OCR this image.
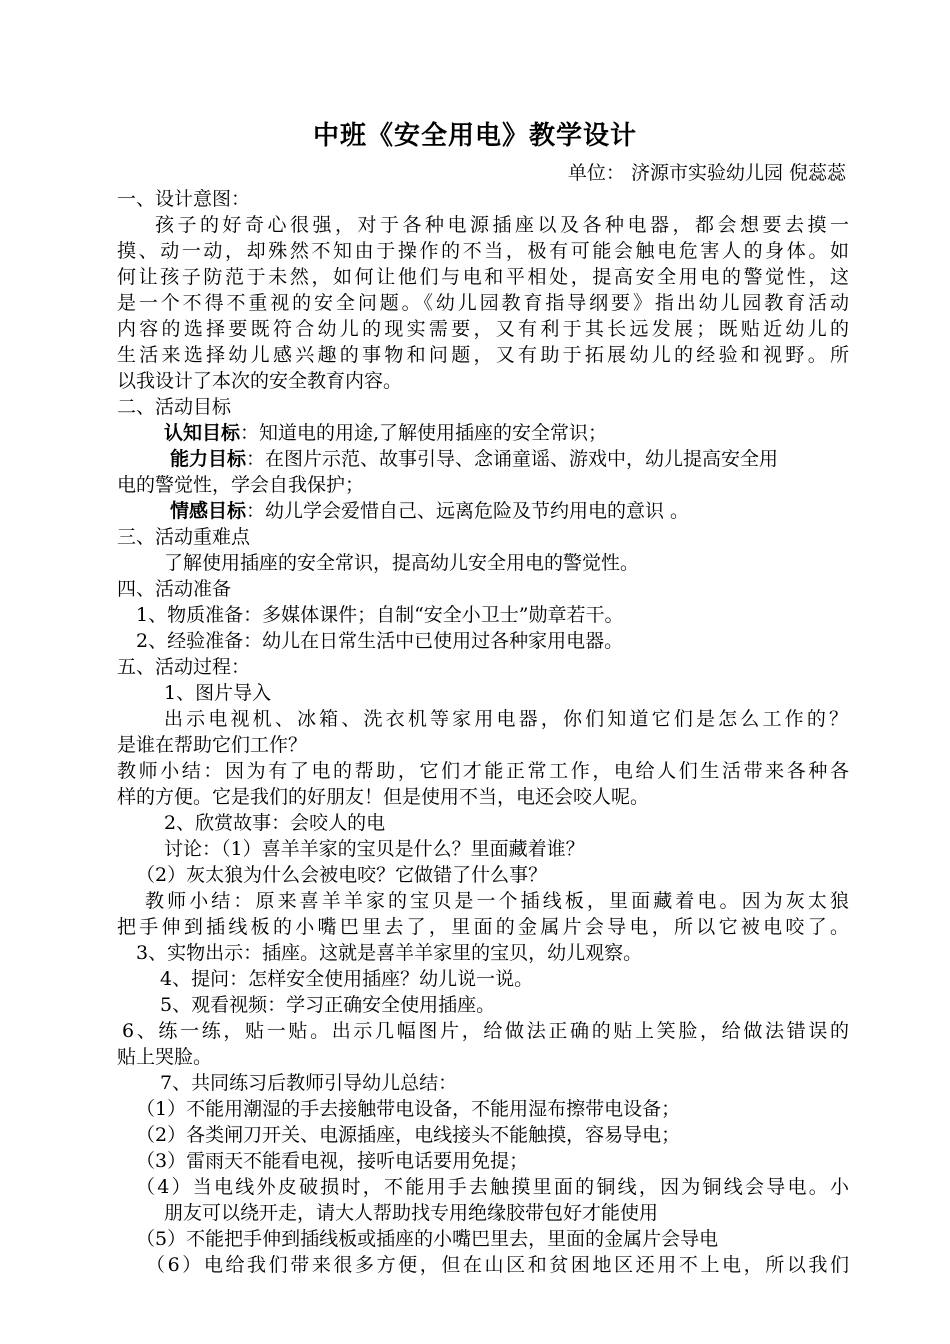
中班《安全用电》教学设计
单位： 济源市实验幼儿园 倪蕊蕊
一、设计意图：
孩子的好奇心很强，对于各种电源插座以及各种电器，都会想要去摸一
摸、动一动，却殊然不知由于操作的不当，极有可能会触电危害人的身体。如
何让孩子防范于未然，如何让他们与电和平相处，提高安全用电的警觉性，这
是一个不得不重视的安全问题。《幼儿园教育指导纲要》指出幼儿园教育活动
内容的选择要既符合幼儿的现实需要，又有利于其长远发展；既贴近幼儿的
生活来选择幼儿感兴趣的事物和问题，又有助于拓展幼儿的经验和视野。所
以我设计了本次的安全教育内容。
二、活动目标
认知目标：知道电的用途,了解使用插座的安全常识；
能力目标：在图片示范、故事引导、念诵童谣、游戏中，幼儿提高安全用
电的警觉性，学会自我保护；
情感目标：幼儿学会爱惜自己、远离危险及节约用电的意识 。
三、活动重难点
了解使用插座的安全常识，提高幼儿安全用电的警觉性。
四、活动准备
1、物质准备：多媒体课件；自制“安全小卫士”勋章若干。
2、经验准备：幼儿在日常生活中已使用过各种家用电器。
五、活动过程：
1、图片导入
出示电视机、冰箱、洗衣机等家用电器，你们知道它们是怎么工作的？
是谁在帮助它们工作？
教师小结：因为有了电的帮助，它们才能正常工作，电给人们生活带来各种各
样的方便。它是我们的好朋友！但是使用不当，电还会咬人呢。
2、欣赏故事：会咬人的电
讨论：（1）喜羊羊家的宝贝是什么？里面藏着谁？
（2）灰太狼为什么会被电咬？它做错了什么事？
教师小结：原来喜羊羊家的宝贝是一个插线板，里面藏着电。因为灰太狼
把手伸到插线板的小嘴巴里去了，里面的金属片会导电，所以它被电咬了。
3、实物出示：插座。这就是喜羊羊家里的宝贝，幼儿观察。
4、提问：怎样安全使用插座？幼儿说一说。
5、观看视频：学习正确安全使用插座。
6、练一练，贴一贴。出示几幅图片，给做法正确的贴上笑脸，给做法错误的
贴上哭脸。
7、共同练习后教师引导幼儿总结：
（1）不能用潮湿的手去接触带电设备，不能用湿布擦带电设备；
（2）各类闸刀开关、电源插座，电线接头不能触摸，容易导电；
（3）雷雨天不能看电视，接听电话要用免提；
（4）当电线外皮破损时，不能用手去触摸里面的铜线，因为铜线会导电。小
朋友可以绕开走，请大人帮助找专用绝缘胶带包好才能使用
（5）不能把手伸到插线板或插座的小嘴巴里去，里面的金属片会导电
（6）电给我们带来很多方便，但在山区和贫困地区还用不上电，所以我们
